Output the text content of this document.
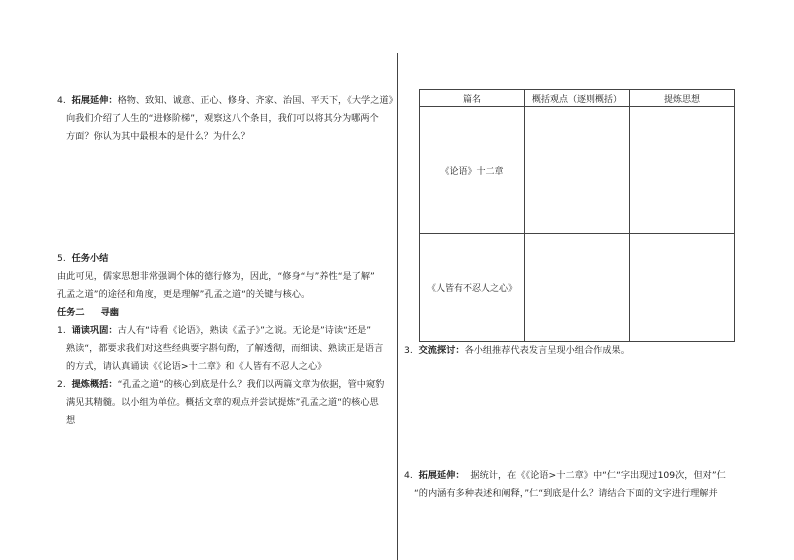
4. 拓展延伸：格物、致知、诚意、正心、修身、齐家、治国、平天下，《大学之道》
向我们介绍了人生的“进修阶梯”，观察这八个条目，我们可以将其分为哪两个
方面？你认为其中最根本的是什么？为什么？
5. 任务小结
由此可见，儒家思想非常强调个体的德行修为，因此，“修身“与”养性“是了解”
孔孟之道”的途径和角度，更是理解”孔孟之道“的关键与核心。
任务二 寻幽
1. 诵读巩固：古人有“诗看《论语》，熟读《孟子》”之说。无论是”诗读“还是”
熟读“，都要求我们对这些经典要字斟句酌，了解透彻，而细读、熟读正是语言
的方式，请认真诵读《《论语>十二章》和《人皆有不忍人之心》
2. 提炼概括：“孔孟之道“的核心到底是什么？我们以两篇文章为依据，管中窥豹
满见其精髓。以小组为单位。概括文章的观点并尝试提炼”孔孟之道“的核心思
想
篇名	概括观点（逐则概括）	提炼思想
《论语》十二章		
《人皆有不忍人之心》		
3. 交流探讨：各小组推荐代表发言呈现小组合作成果。
4. 拓展延伸： 据统计，在《《论语>十二章》中“仁“字出现过109次，但对”仁
“的内涵有多种表述和阐释，”仁“到底是什么？请结合下面的文字进行理解并
